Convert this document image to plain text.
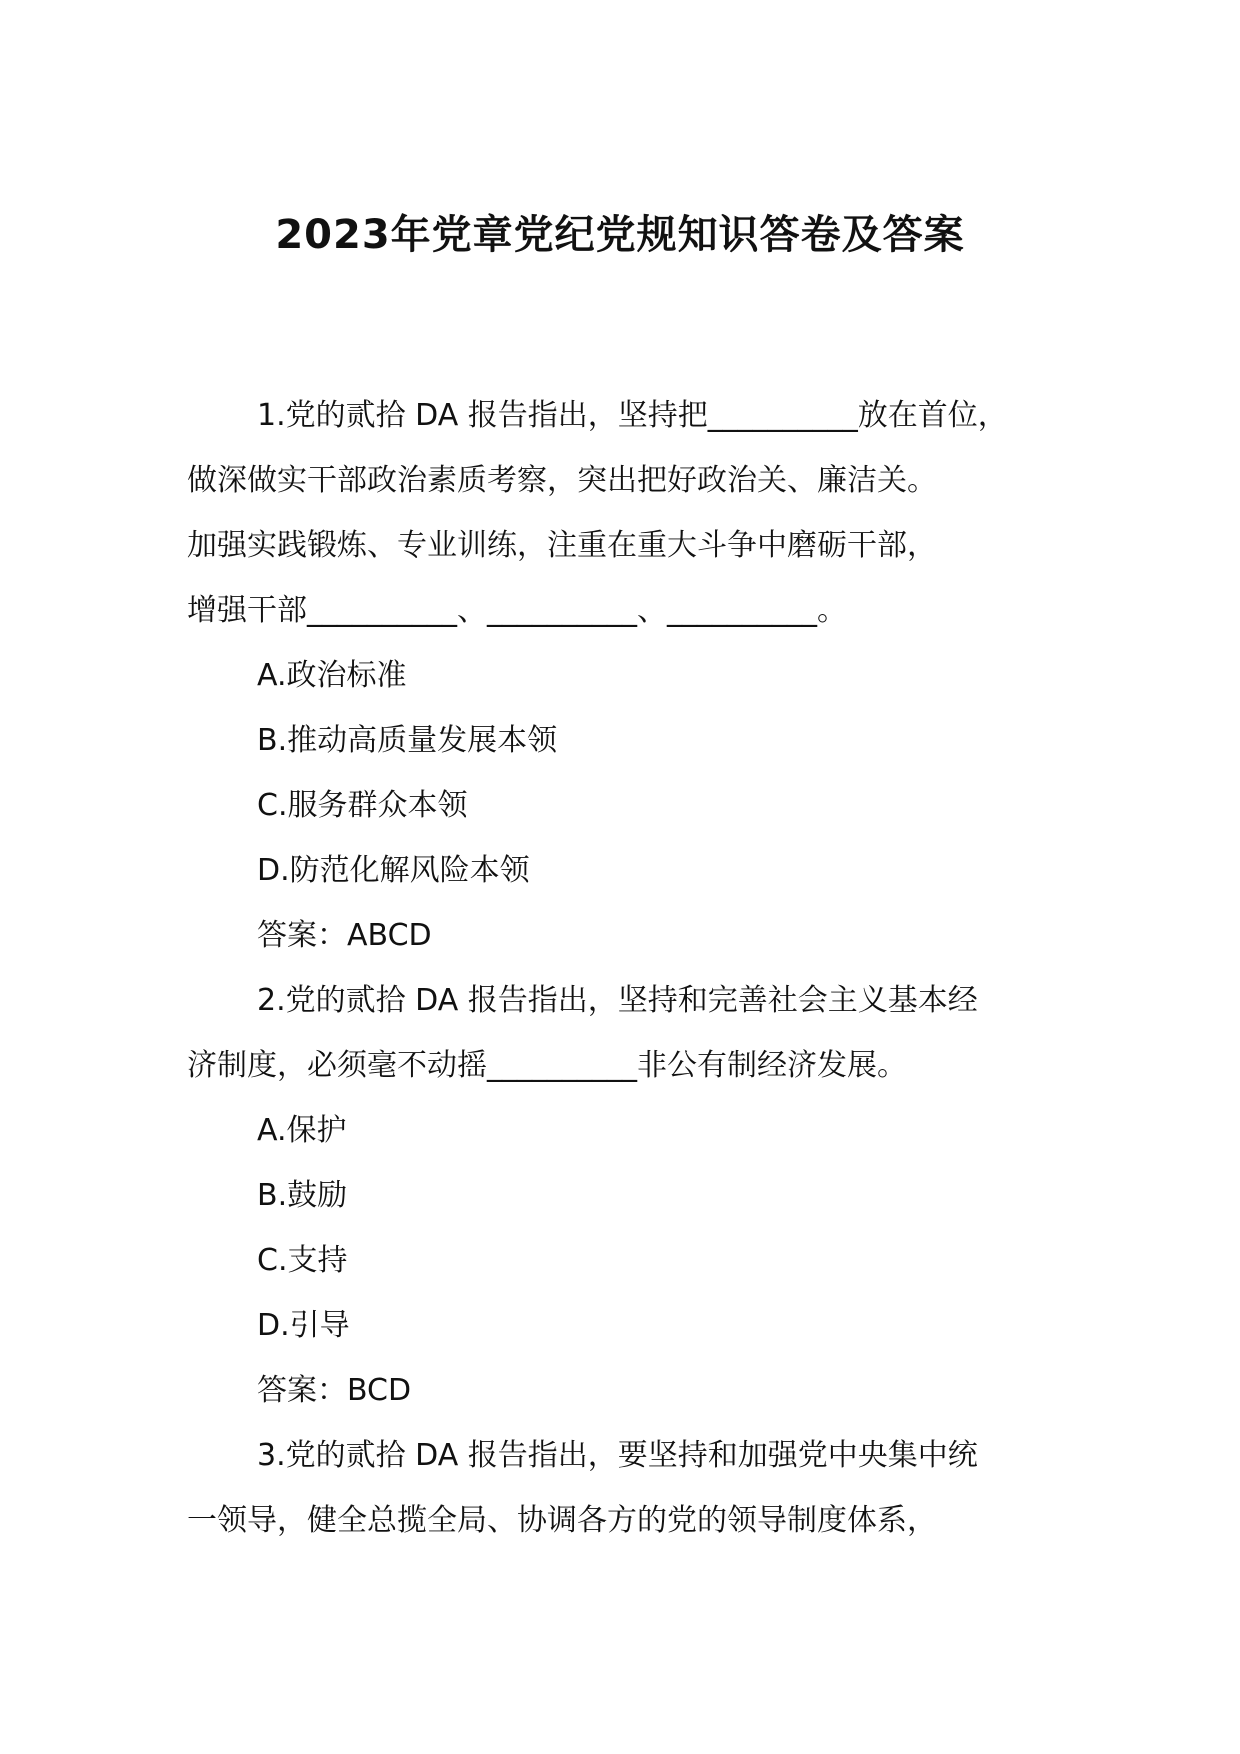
2023年党章党纪党规知识答卷及答案

1.党的贰拾 DA 报告指出，坚持把__________放在首位，

做深做实干部政治素质考察，突出把好政治关、廉洁关。

加强实践锻炼、专业训练，注重在重大斗争中磨砺干部，

增强干部__________、__________、__________。

A.政治标准

B.推动高质量发展本领

C.服务群众本领

D.防范化解风险本领

答案：ABCD

2.党的贰拾 DA 报告指出，坚持和完善社会主义基本经

济制度，必须毫不动摇__________非公有制经济发展。

A.保护

B.鼓励

C.支持

D.引导

答案：BCD

3.党的贰拾 DA 报告指出，要坚持和加强党中央集中统

一领导，健全总揽全局、协调各方的党的领导制度体系，
